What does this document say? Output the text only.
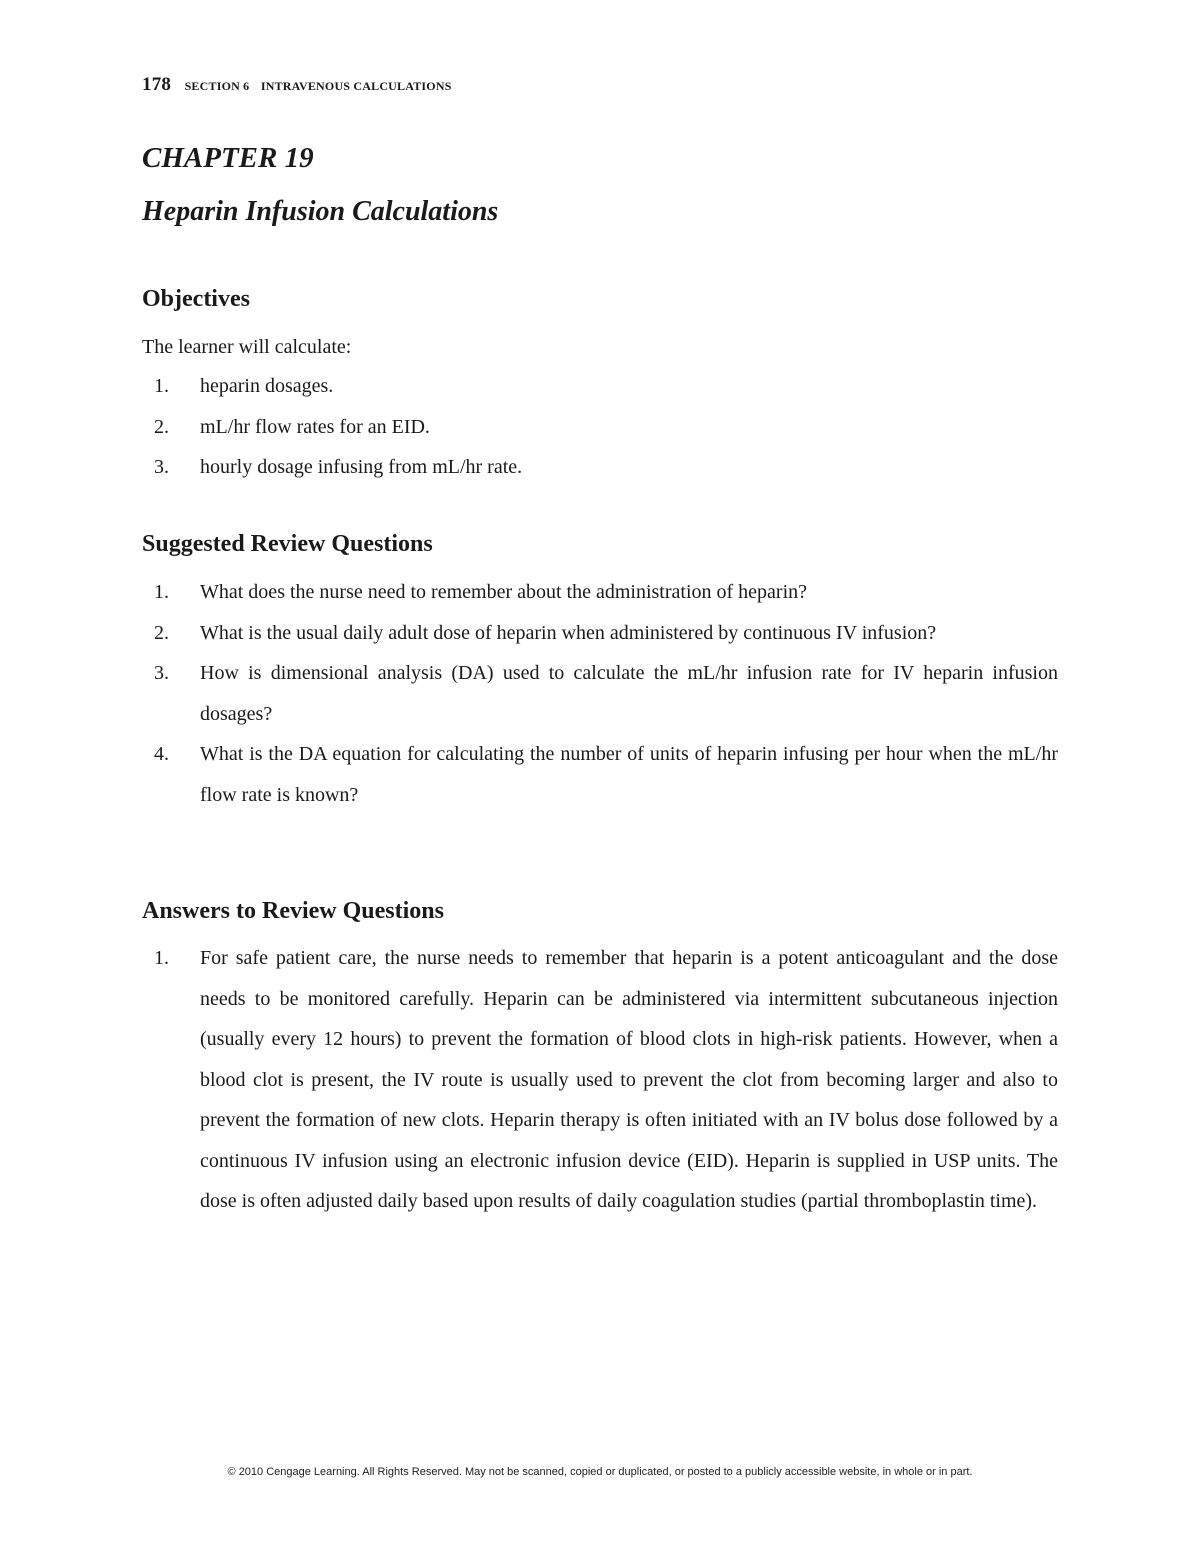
178 SECTION 6 INTRAVENOUS CALCULATIONS
CHAPTER 19
Heparin Infusion Calculations
Objectives

The learner will calculate:

1. heparin dosages.
2. mL/hr flow rates for an EID.
3. hourly dosage infusing from mL/hr rate.
Suggested Review Questions
1. What does the nurse need to remember about the administration of heparin?
2. What is the usual daily adult dose of heparin when administered by continuous IV infusion?
3. How is dimensional analysis (DA) used to calculate the mL/hr infusion rate for IV heparin infusion dosages?
4. What is the DA equation for calculating the number of units of heparin infusing per hour when the mL/hr flow rate is known?
Answers to Review Questions
1. For safe patient care, the nurse needs to remember that heparin is a potent anticoagulant and the dose needs to be monitored carefully. Heparin can be administered via intermittent subcutaneous injection (usually every 12 hours) to prevent the formation of blood clots in high-risk patients. However, when a blood clot is present, the IV route is usually used to prevent the clot from becoming larger and also to prevent the formation of new clots. Heparin therapy is often initiated with an IV bolus dose followed by a continuous IV infusion using an electronic infusion device (EID). Heparin is supplied in USP units. The dose is often adjusted daily based upon results of daily coagulation studies (partial thromboplastin time).
© 2010 Cengage Learning. All Rights Reserved. May not be scanned, copied or duplicated, or posted to a publicly accessible website, in whole or in part.
